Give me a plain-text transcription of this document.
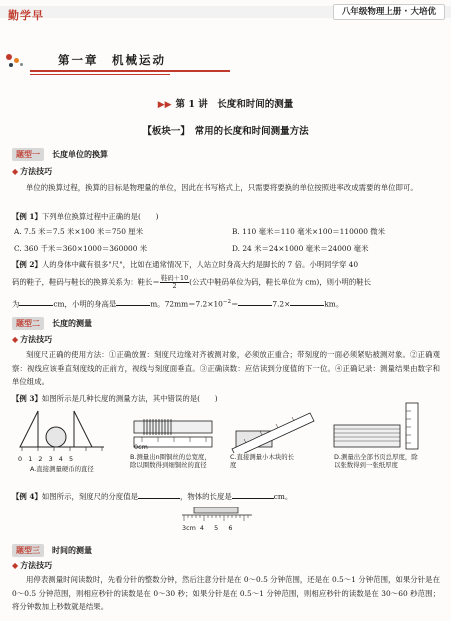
勤学早	八年级物理上册 · 大培优
第一章　机械运动
▶▶ 第 1 讲　长度和时间的测量
【板块一】　常用的长度和时间测量方法
题型一	长度单位的换算
◆ 方法技巧
单位的换算过程，换算的目标是物理量的单位，因此在书写格式上，只需要将要换的单位按照进率改成需要的单位即可。
【例 1】下列单位换算过程中正确的是(　　)
A. 7.5 米＝7.5 米×100 米＝750 厘米	B. 110 毫米＝110 毫米×100＝110000 微米
C. 360 千米＝360×1000＝360000 米	D. 24 米＝24×1000 毫米＝24000 毫米
【例 2】人的身体中藏有很多"尺"，比如在通常情况下，人站立时身高大约是脚长的 7 倍。小明同学穿 40
码的鞋子，鞋码与鞋长的换算关系为：鞋长＝ $\frac{\text{鞋码＋10}}{2}$ (公式中鞋码单位为码，鞋长单位为 cm)，则小明的鞋长
为	cm，小明的身高是	m。$72mm=7.2\times 10^{-2}=$	7.2×	km。
题型二	长度的测量
◆ 方法技巧
刻度尺正确的使用方法：①正确放置：刻度尺边缘对齐被测对象，必须放正重合；带刻度的一面必须紧贴被测对象。②正确观察：视线应该垂直刻度线的正前方，视线与刻度面垂直。③正确读数：应估读到分度值的下一位。④正确记录：测量结果由数字和单位组成。
【例 3】如图所示是几种长度的测量方法，其中错误的是(　　)
0 1 2 3 4 5
A.直接测量硬币的直径
0cm
B.测量出n圈铜丝的总宽度，除以圈数得到细铜丝的直径
C.直接测量小木块的长度
D.测量出全部书页总厚度，除以张数得到一张纸厚度
【例 4】如图所示，刻度尺的分度值是	，物体的长度是	cm。
3cm 4 5 6
题型三	时间的测量
◆ 方法技巧
用停表测量时间读数时，先看分针的整数分钟，然后注意分针是在 0～0.5 分钟范围，还是在 0.5～1 分钟范围，如果分针是在 0～0.5 分钟范围，则相应秒针的读数是在 0～30 秒；如果分针是在 0.5～1 分钟范围，则相应秒针的读数是在 30～60 秒范围；将分钟数加上秒数就是结果。
